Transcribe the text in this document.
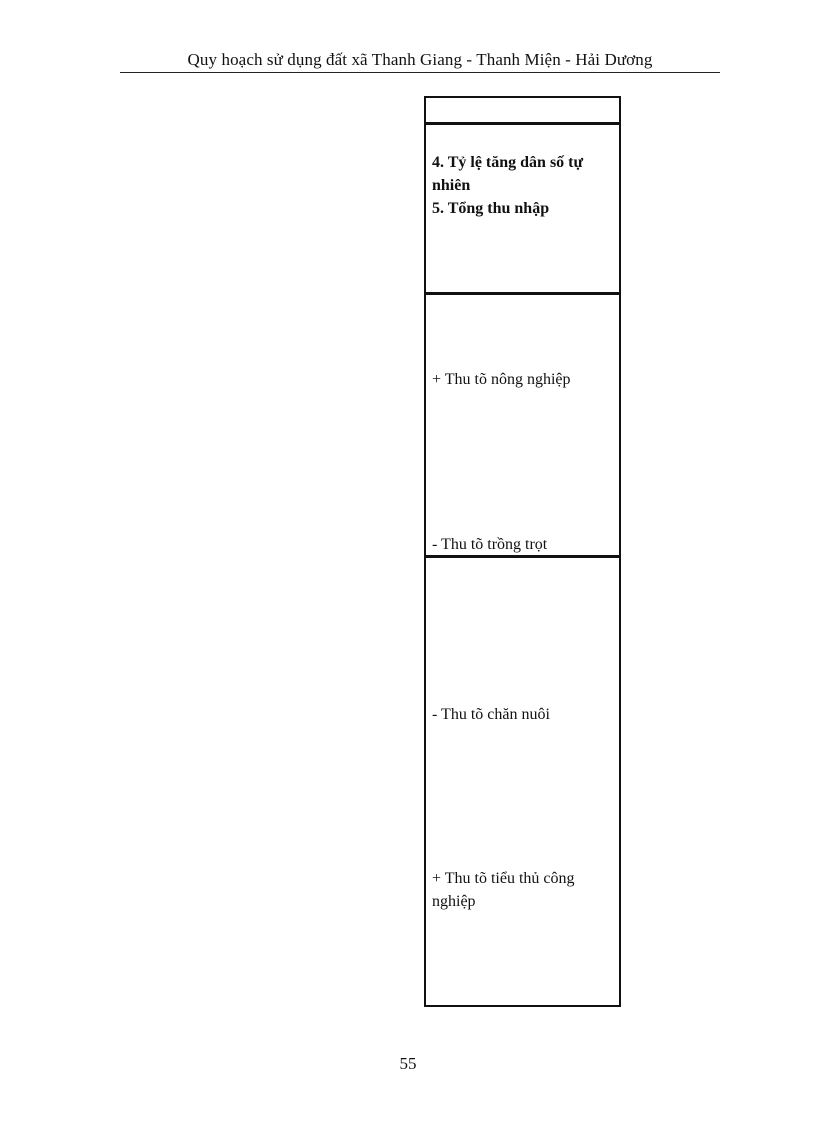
Quy hoạch sử dụng đất xã Thanh Giang - Thanh Miện - Hải Dương
4. Tỷ lệ tăng dân số tự nhiên
5. Tổng thu nhập
+ Thu tõ nông nghiệp
- Thu tõ trồng trọt
- Thu tõ chăn nuôi
+ Thu tõ tiểu thủ công nghiệp
55
